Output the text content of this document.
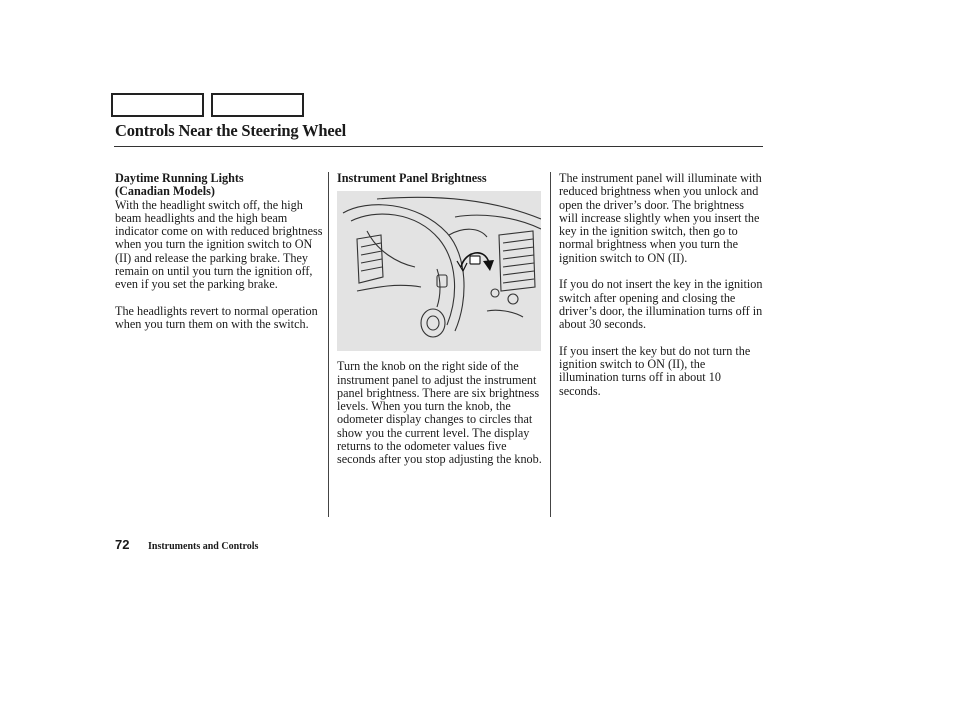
Controls Near the Steering Wheel
Daytime Running Lights
(Canadian Models)

With the headlight switch off, the high beam headlights and the high beam indicator come on with reduced brightness when you turn the ignition switch to ON (II) and release the parking brake. They remain on until you turn the ignition off, even if you set the parking brake.

The headlights revert to normal operation when you turn them on with the switch.

Instrument Panel Brightness

Turn the knob on the right side of the instrument panel to adjust the instrument panel brightness. There are six brightness levels. When you turn the knob, the odometer display changes to circles that show you the current level. The display returns to the odometer values five seconds after you stop adjusting the knob.

The instrument panel will illuminate with reduced brightness when you unlock and open the driver’s door. The brightness will increase slightly when you insert the key in the ignition switch, then go to normal brightness when you turn the ignition switch to ON (II).

If you do not insert the key in the ignition switch after opening and closing the driver’s door, the illumination turns off in about 30 seconds.

If you insert the key but do not turn the ignition switch to ON (II), the illumination turns off in about 10 seconds.

72 Instruments and Controls
